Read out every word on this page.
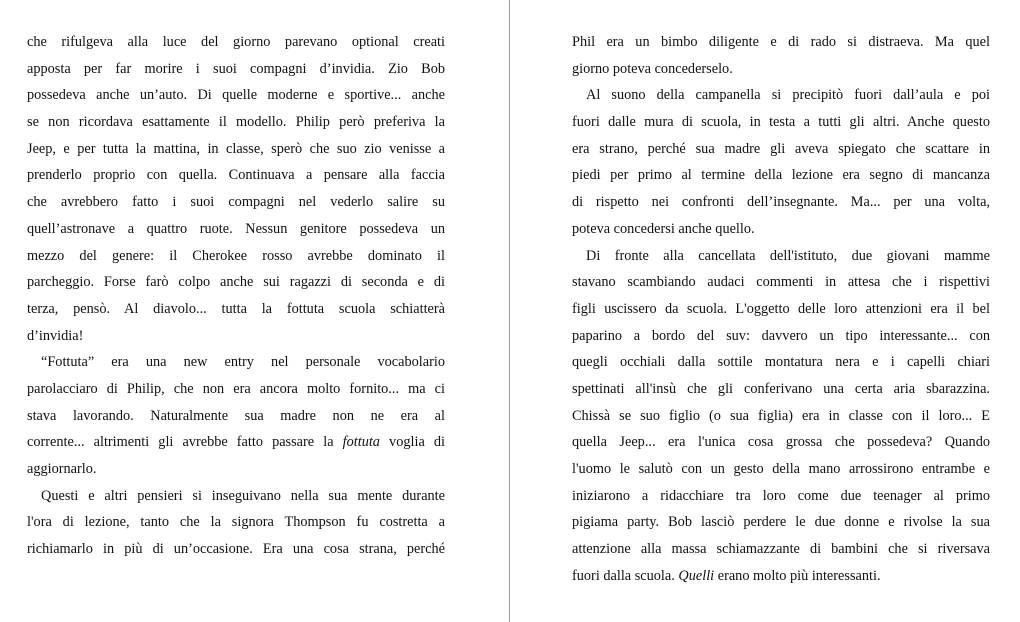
che rifulgeva alla luce del giorno parevano optional creati
apposta per far morire i suoi compagni d’invidia. Zio Bob
possedeva anche un’auto. Di quelle moderne e sportive... anche
se non ricordava esattamente il modello. Philip però preferiva la
Jeep, e per tutta la mattina, in classe, sperò che suo zio venisse a
prenderlo proprio con quella. Continuava a pensare alla faccia
che avrebbero fatto i suoi compagni nel vederlo salire su
quell’astronave a quattro ruote. Nessun genitore possedeva un
mezzo del genere: il Cherokee rosso avrebbe dominato il
parcheggio. Forse farò colpo anche sui ragazzi di seconda e di
terza, pensò. Al diavolo... tutta la fottuta scuola schiatterà
d’invidia!
“Fottuta” era una new entry nel personale vocabolario
parolacciaro di Philip, che non era ancora molto fornito... ma ci
stava lavorando. Naturalmente sua madre non ne era al
corrente... altrimenti gli avrebbe fatto passare la fottuta voglia di
aggiornarlo.
Questi e altri pensieri si inseguivano nella sua mente durante
l'ora di lezione, tanto che la signora Thompson fu costretta a
richiamarlo in più di un’occasione. Era una cosa strana, perché
Phil era un bimbo diligente e di rado si distraeva. Ma quel
giorno poteva concederselo.
Al suono della campanella si precipitò fuori dall’aula e poi
fuori dalle mura di scuola, in testa a tutti gli altri. Anche questo
era strano, perché sua madre gli aveva spiegato che scattare in
piedi per primo al termine della lezione era segno di mancanza
di rispetto nei confronti dell’insegnante. Ma... per una volta,
poteva concedersi anche quello.
Di fronte alla cancellata dell'istituto, due giovani mamme
stavano scambiando audaci commenti in attesa che i rispettivi
figli uscissero da scuola. L'oggetto delle loro attenzioni era il bel
paparino a bordo del suv: davvero un tipo interessante... con
quegli occhiali dalla sottile montatura nera e i capelli chiari
spettinati all'insù che gli conferivano una certa aria sbarazzina.
Chissà se suo figlio (o sua figlia) era in classe con il loro... E
quella Jeep... era l'unica cosa grossa che possedeva? Quando
l'uomo le salutò con un gesto della mano arrossirono entrambe e
iniziarono a ridacchiare tra loro come due teenager al primo
pigiama party. Bob lasciò perdere le due donne e rivolse la sua
attenzione alla massa schiamazzante di bambini che si riversava
fuori dalla scuola. Quelli erano molto più interessanti.
